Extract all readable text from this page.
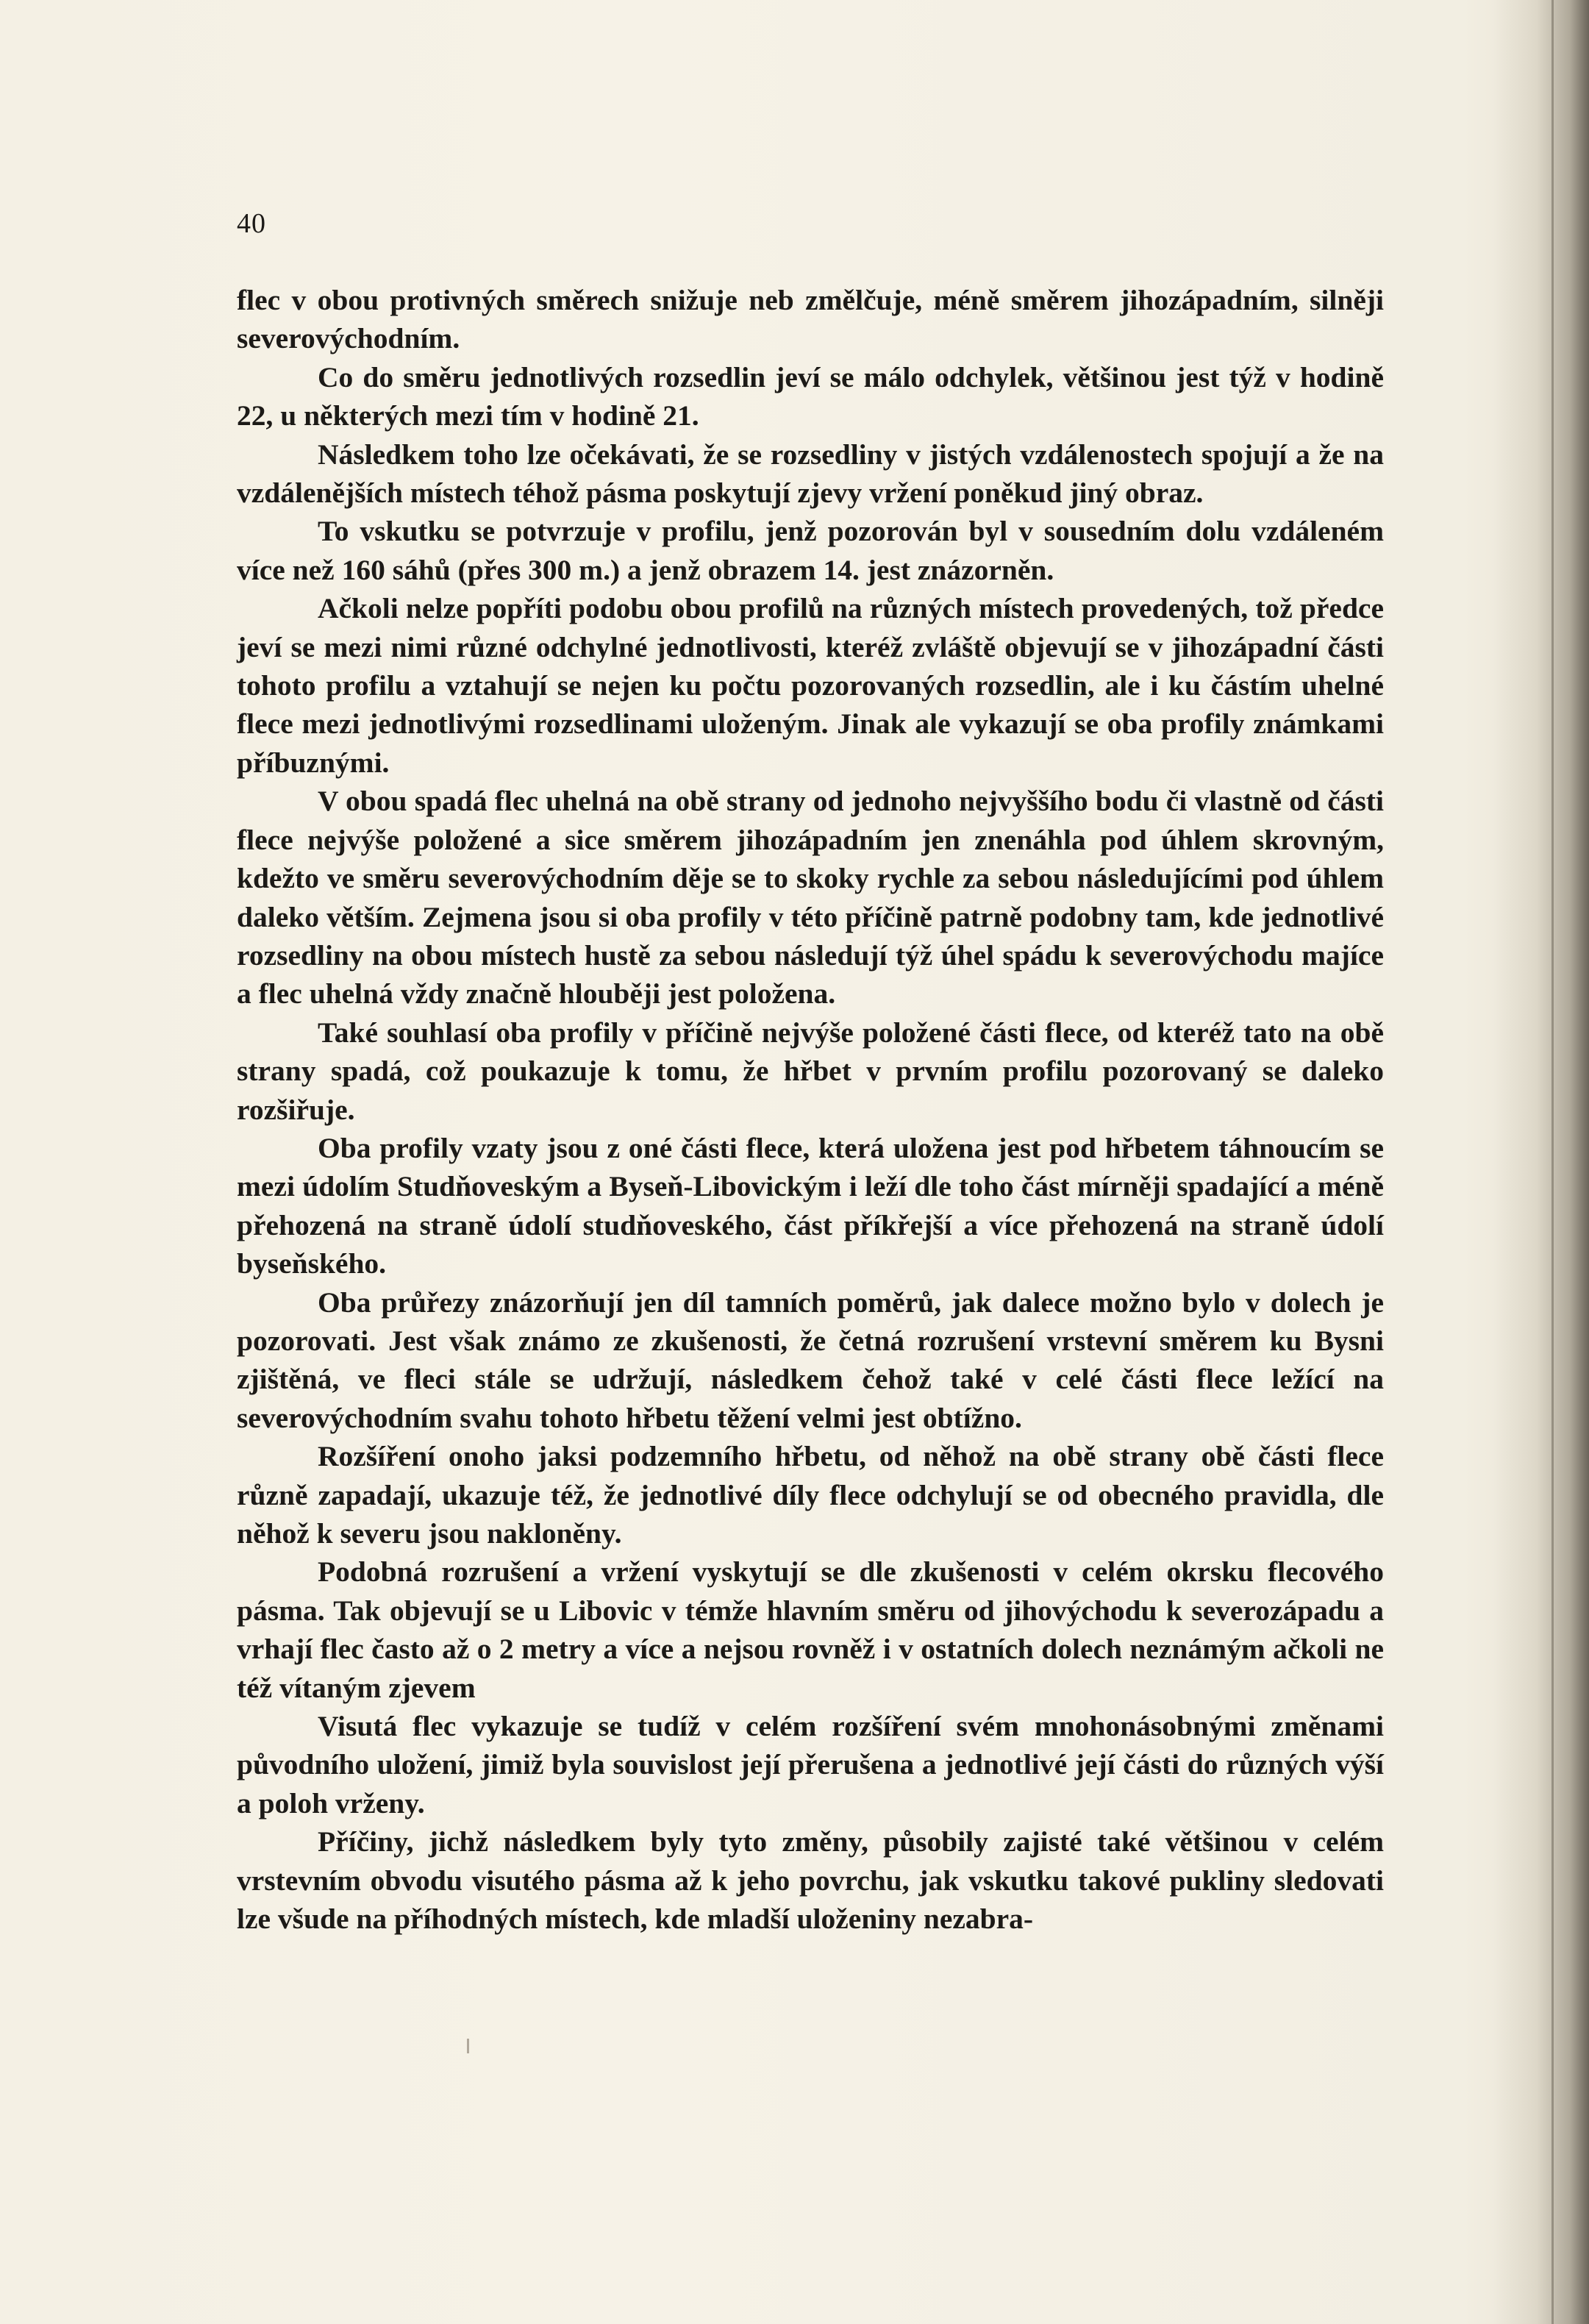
40

flec v obou protivných směrech snižuje neb změlčuje, méně směrem jihozápadním, silněji severovýchodním.

Co do směru jednotlivých rozsedlin jeví se málo odchylek, většinou jest týž v hodině 22, u některých mezi tím v hodině 21.

Následkem toho lze očekávati, že se rozsedliny v jistých vzdálenostech spojují a že na vzdálenějších místech téhož pásma poskytují zjevy vržení poněkud jiný obraz.

To vskutku se potvrzuje v profilu, jenž pozorován byl v sousedním dolu vzdáleném více než 160 sáhů (přes 300 m.) a jenž obrazem 14. jest znázorněn.

Ačkoli nelze popříti podobu obou profilů na různých místech provedených, tož předce jeví se mezi nimi různé odchylné jednotlivosti, kteréž zvláště objevují se v jihozápadní části tohoto profilu a vztahují se nejen ku počtu pozorovaných rozsedlin, ale i ku částím uhelné flece mezi jednotlivými rozsedlinami uloženým. Jinak ale vykazují se oba profily známkami příbuznými.

V obou spadá flec uhelná na obě strany od jednoho nejvyššího bodu či vlastně od části flece nejvýše položené a sice směrem jihozápadním jen znenáhla pod úhlem skrovným, kdežto ve směru severovýchodním děje se to skoky rychle za sebou následujícími pod úhlem daleko větším. Zejmena jsou si oba profily v této příčině patrně podobny tam, kde jednotlivé rozsedliny na obou místech hustě za sebou následují týž úhel spádu k severovýchodu majíce a flec uhelná vždy značně hlouběji jest položena.

Také souhlasí oba profily v příčině nejvýše položené části flece, od kteréž tato na obě strany spadá, což poukazuje k tomu, že hřbet v prvním profilu pozorovaný se daleko rozšiřuje.

Oba profily vzaty jsou z oné části flece, která uložena jest pod hřbetem táhnoucím se mezi údolím Studňoveským a Byseň-Libovickým i leží dle toho část mírněji spadající a méně přehozená na straně údolí studňoveského, část příkřejší a více přehozená na straně údolí byseňského.

Oba průřezy znázorňují jen díl tamních poměrů, jak dalece možno bylo v dolech je pozorovati. Jest však známo ze zkušenosti, že četná rozrušení vrstevní směrem ku Bysni zjištěná, ve fleci stále se udržují, následkem čehož také v celé části flece ležící na severovýchodním svahu tohoto hřbetu těžení velmi jest obtížno.

Rozšíření onoho jaksi podzemního hřbetu, od něhož na obě strany obě části flece různě zapadají, ukazuje též, že jednotlivé díly flece odchylují se od obecného pravidla, dle něhož k severu jsou nakloněny.

Podobná rozrušení a vržení vyskytují se dle zkušenosti v celém okrsku flecového pásma. Tak objevují se u Libovic v témže hlavním směru od jihovýchodu k severozápadu a vrhají flec často až o 2 metry a více a nejsou rovněž i v ostatních dolech neznámým ačkoli ne též vítaným zjevem

Visutá flec vykazuje se tudíž v celém rozšíření svém mnohonásobnými změnami původního uložení, jimiž byla souvislost její přerušena a jednotlivé její části do různých výší a poloh vrženy.

Příčiny, jichž následkem byly tyto změny, působily zajisté také většinou v celém vrstevním obvodu visutého pásma až k jeho povrchu, jak vskutku takové pukliny sledovati lze všude na příhodných místech, kde mladší uloženiny nezabra-
